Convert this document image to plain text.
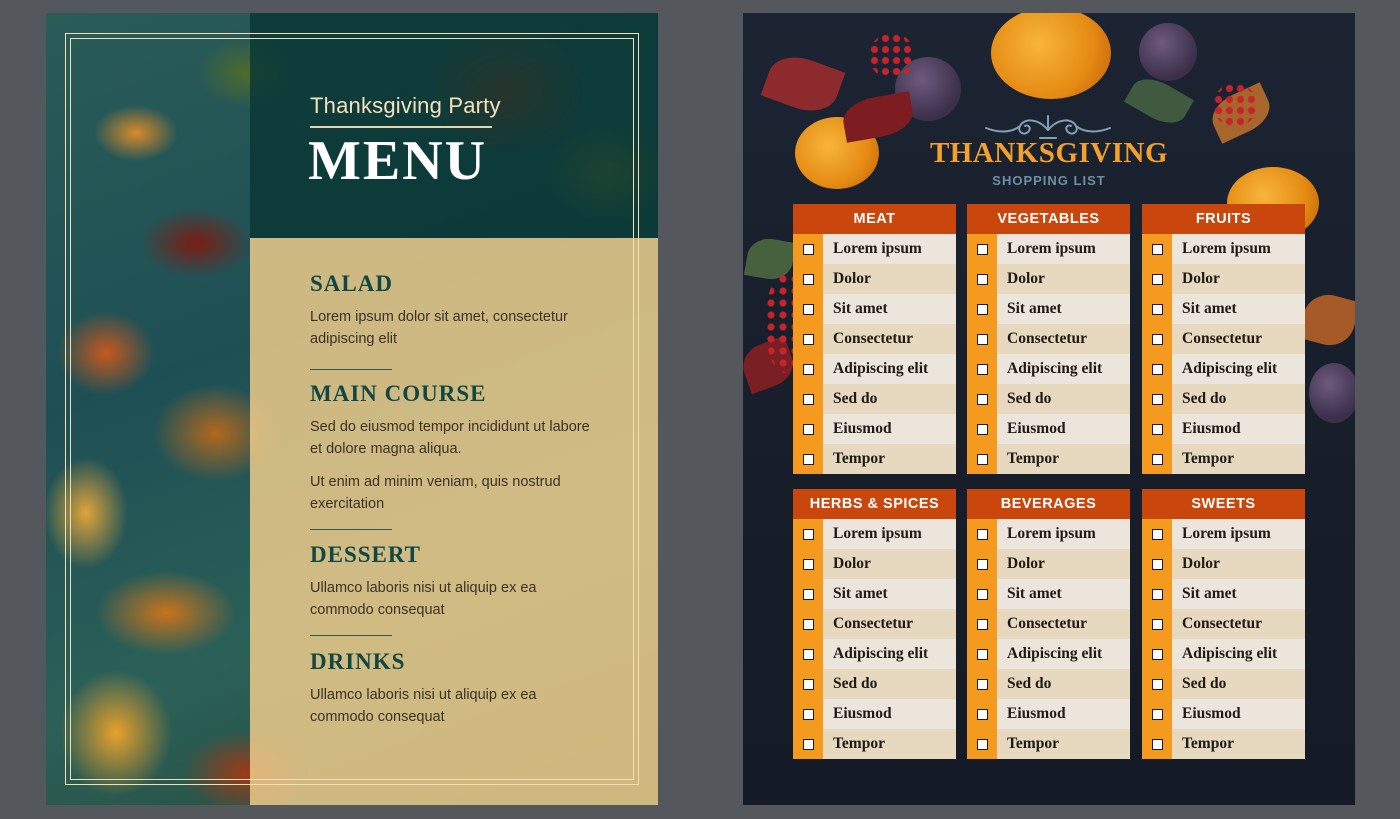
Thanksgiving Party
MENU
SALAD

Lorem ipsum dolor sit amet, consectetur adipiscing elit

MAIN COURSE

Sed do eiusmod tempor incididunt ut labore et dolore magna aliqua.

Ut enim ad minim veniam, quis nostrud exercitation

DESSERT

Ullamco laboris nisi ut aliquip ex ea commodo consequat

DRINKS

Ullamco laboris nisi ut aliquip ex ea commodo consequat

THANKSGIVING
SHOPPING LIST
MEAT
Lorem ipsum
Dolor
Sit amet
Consectetur
Adipiscing elit
Sed do
Eiusmod
Tempor
VEGETABLES
Lorem ipsum
Dolor
Sit amet
Consectetur
Adipiscing elit
Sed do
Eiusmod
Tempor
FRUITS
Lorem ipsum
Dolor
Sit amet
Consectetur
Adipiscing elit
Sed do
Eiusmod
Tempor
HERBS & SPICES
Lorem ipsum
Dolor
Sit amet
Consectetur
Adipiscing elit
Sed do
Eiusmod
Tempor
BEVERAGES
Lorem ipsum
Dolor
Sit amet
Consectetur
Adipiscing elit
Sed do
Eiusmod
Tempor
SWEETS
Lorem ipsum
Dolor
Sit amet
Consectetur
Adipiscing elit
Sed do
Eiusmod
Tempor
